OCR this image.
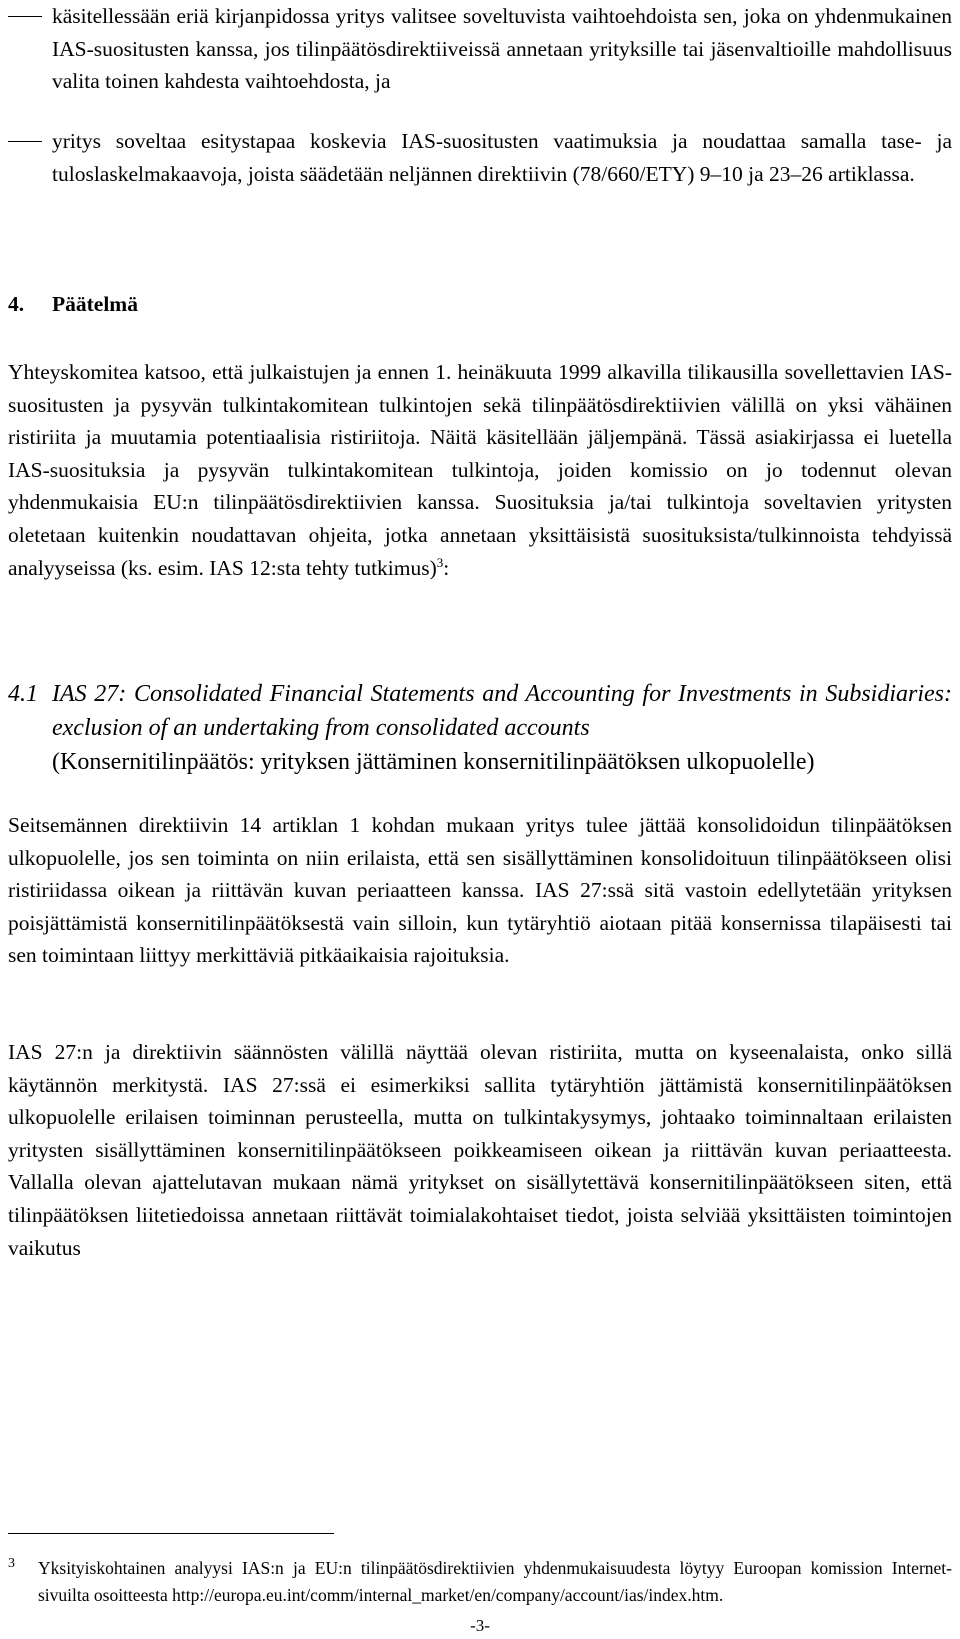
käsitellessään eriä kirjanpidossa yritys valitsee soveltuvista vaihtoehdoista sen, joka on yhdenmukainen IAS-suositusten kanssa, jos tilinpäätösdirektiiveissä annetaan yrityksille tai jäsenvaltioille mahdollisuus valita toinen kahdesta vaihtoehdosta, ja
yritys soveltaa esitystapaa koskevia IAS-suositusten vaatimuksia ja noudattaa samalla tase- ja tuloslaskelmakaavoja, joista säädetään neljännen direktiivin (78/660/ETY) 9–10 ja 23–26 artiklassa.
4. Päätelmä
Yhteyskomitea katsoo, että julkaistujen ja ennen 1. heinäkuuta 1999 alkavilla tilikausilla sovellettavien IAS-suositusten ja pysyvän tulkintakomitean tulkintojen sekä tilinpäätösdirektiivien välillä on yksi vähäinen ristiriita ja muutamia potentiaalisia ristiriitoja. Näitä käsitellään jäljempänä. Tässä asiakirjassa ei luetella IAS-suosituksia ja pysyvän tulkintakomitean tulkintoja, joiden komissio on jo todennut olevan yhdenmukaisia EU:n tilinpäätösdirektiivien kanssa. Suosituksia ja/tai tulkintoja soveltavien yritysten oletetaan kuitenkin noudattavan ohjeita, jotka annetaan yksittäisistä suosituksista/tulkinnoista tehdyissä analyyseissa (ks. esim. IAS 12:sta tehty tutkimus)$^3$:
4.1 IAS 27: Consolidated Financial Statements and Accounting for Investments in Subsidiaries: exclusion of an undertaking from consolidated accounts
(Konsernitilinpäätös: yrityksen jättäminen konsernitilinpäätöksen ulkopuolelle)
Seitsemännen direktiivin 14 artiklan 1 kohdan mukaan yritys tulee jättää konsolidoidun tilinpäätöksen ulkopuolelle, jos sen toiminta on niin erilaista, että sen sisällyttäminen konsolidoituun tilinpäätökseen olisi ristiriidassa oikean ja riittävän kuvan periaatteen kanssa. IAS 27:ssä sitä vastoin edellytetään yrityksen poisjättämistä konsernitilinpäätöksestä vain silloin, kun tytäryhtiö aiotaan pitää konsernissa tilapäisesti tai sen toimintaan liittyy merkittäviä pitkäaikaisia rajoituksia.
IAS 27:n ja direktiivin säännösten välillä näyttää olevan ristiriita, mutta on kyseenalaista, onko sillä käytännön merkitystä. IAS 27:ssä ei esimerkiksi sallita tytäryhtiön jättämistä konsernitilinpäätöksen ulkopuolelle erilaisen toiminnan perusteella, mutta on tulkintakysymys, johtaako toiminnaltaan erilaisten yritysten sisällyttäminen konsernitilinpäätökseen poikkeamiseen oikean ja riittävän kuvan periaatteesta. Vallalla olevan ajattelutavan mukaan nämä yritykset on sisällytettävä konsernitilinpäätökseen siten, että tilinpäätöksen liitetiedoissa annetaan riittävät toimialakohtaiset tiedot, joista selviää yksittäisten toimintojen vaikutus
3 Yksityiskohtainen analyysi IAS:n ja EU:n tilinpäätösdirektiivien yhdenmukaisuudesta löytyy Euroopan komission Internet-sivuilta osoitteesta http://europa.eu.int/comm/internal_market/en/company/account/ias/index.htm.
-3-
